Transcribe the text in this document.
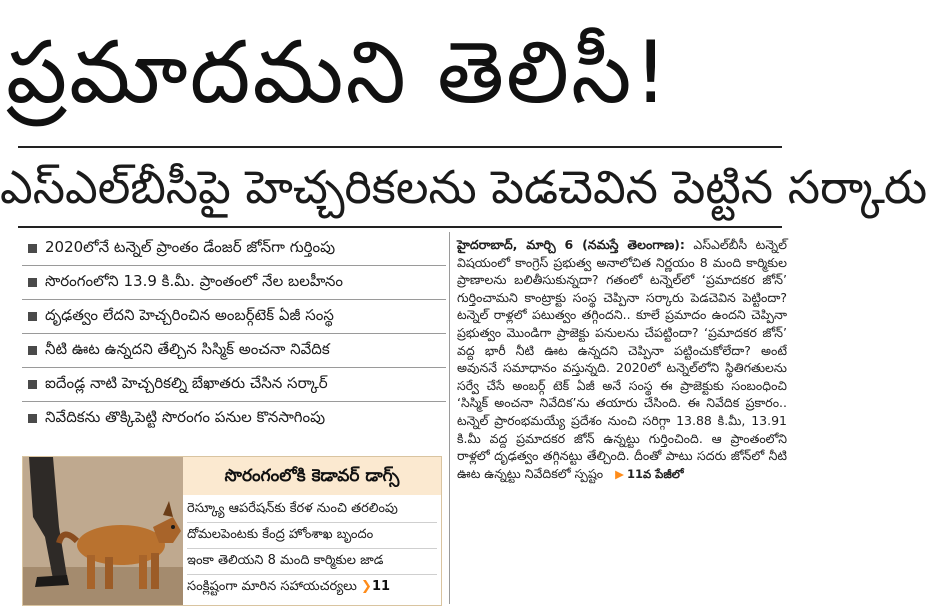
ప్రమాదమని తెలిసీ!
ఎస్‌ఎల్‌బీసీపై హెచ్చరికలను పెడచెవిన పెట్టిన సర్కారు
2020లోనే టన్నెల్‌ ప్రాంతం డేంజర్‌ జోన్‌గా గుర్తింపు
సొరంగంలోని 13.9 కి.మీ. ప్రాంతంలో నేల బలహీనం
దృఢత్వం లేదని హెచ్చరించిన అంబర్గ్‌టెక్‌ ఏజీ సంస్థ
నీటి ఊట ఉన్నదని తేల్చిన సిస్మిక్‌ అంచనా నివేదిక
ఐదేండ్ల నాటి హెచ్చరికల్ని బేఖాతరు చేసిన సర్కార్‌
నివేదికను తొక్కిపెట్టి సొరంగం పనుల కొనసాగింపు
హైదరాబాద్‌, మార్చి 6 (నమస్తే తెలంగాణ): ఎస్‌ఎల్‌బీసీ టన్నెల్‌ విషయంలో కాంగ్రెస్‌ ప్రభుత్వ అనాలోచిత నిర్ణయం 8 మంది కార్మికుల ప్రాణాలను బలితీసుకున్నదా? గతంలో టన్నెల్‌లో ‘ప్రమాదకర జోన్‌’ గుర్తించామని కాంట్రాక్టు సంస్థ చెప్పినా సర్కారు పెడచెవిన పెట్టిందా? టన్నెల్‌ రాళ్లలో పటుత్వం తగ్గిందని.. కూలే ప్రమాదం ఉందని చెప్పినా ప్రభుత్వం మొండిగా ప్రాజెక్టు పనులను చేపట్టిందా? ‘ప్రమాదకర జోన్‌’ వద్ద భారీ నీటి ఊట ఉన్నదని చెప్పినా పట్టించుకోలేదా? అంటే అవుననే సమాధానం వస్తున్నది. 2020లో టన్నెల్‌లోని స్థితిగతులను సర్వే చేసే అంబర్గ్‌ టెక్‌ ఏజీ అనే సంస్థ ఈ ప్రాజెక్టుకు సంబంధించి ‘సిస్మిక్‌ అంచనా నివేదిక’ను తయారు చేసింది. ఈ నివేదిక ప్రకారం.. టన్నెల్‌ ప్రారంభమయ్యే ప్రదేశం నుంచి సరిగ్గా 13.88 కి.మీ, 13.91 కి.మీ వద్ద ప్రమాదకర జోన్‌ ఉన్నట్టు గుర్తించింది. ఆ ప్రాంతంలోని రాళ్లలో దృఢత్వం తగ్గినట్టు తేల్చింది. దీంతో పాటు సదరు జోన్‌లో నీటి ఊట ఉన్నట్టు నివేదికలో స్పష్టం ▶ 11వ పేజీలో
సొరంగంలోకి కెడావర్‌ డాగ్స్‌
రెస్క్యూ ఆపరేషన్‌కు కేరళ నుంచి తరలింపు
దోమలపెంటకు కేంద్ర హోంశాఖ బృందం
ఇంకా తెలియని 8 మంది కార్మికుల జాడ
సంక్లిష్టంగా మారిన సహాయచర్యలు ❯11
